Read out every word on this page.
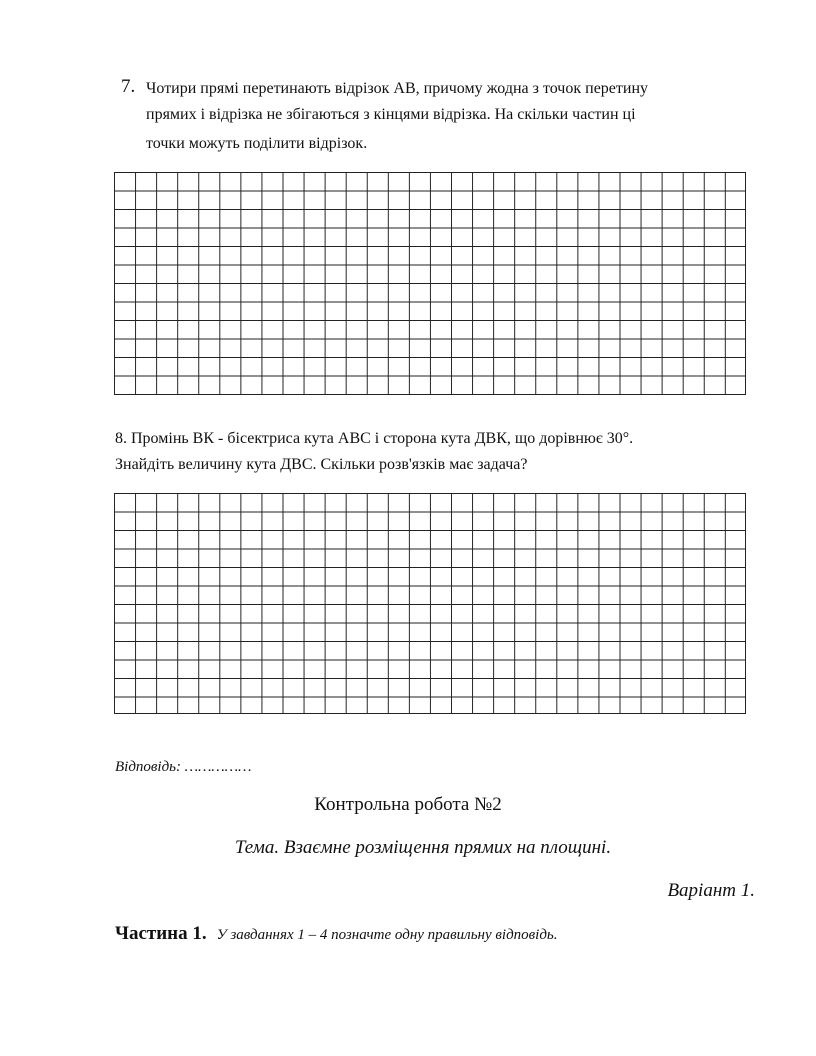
7. Чотири прямі перетинають відрізок АВ, причому жодна з точок перетину
прямих і відрізка не збігаються з кінцями відрізка. На скільки частин ці
точки можуть поділити відрізок.
8. Промінь ВК - бісектриса кута АВС і сторона кута ДВК, що дорівнює 30°.
Знайдіть величину кута ДВС. Скільки розв'язків має задача?
Відповідь: ……………
Контрольна робота №2
Тема. Взаємне розміщення прямих на площині.
Варіант 1.
Частина 1. У завданнях 1 – 4 позначте одну правильну відповідь.
